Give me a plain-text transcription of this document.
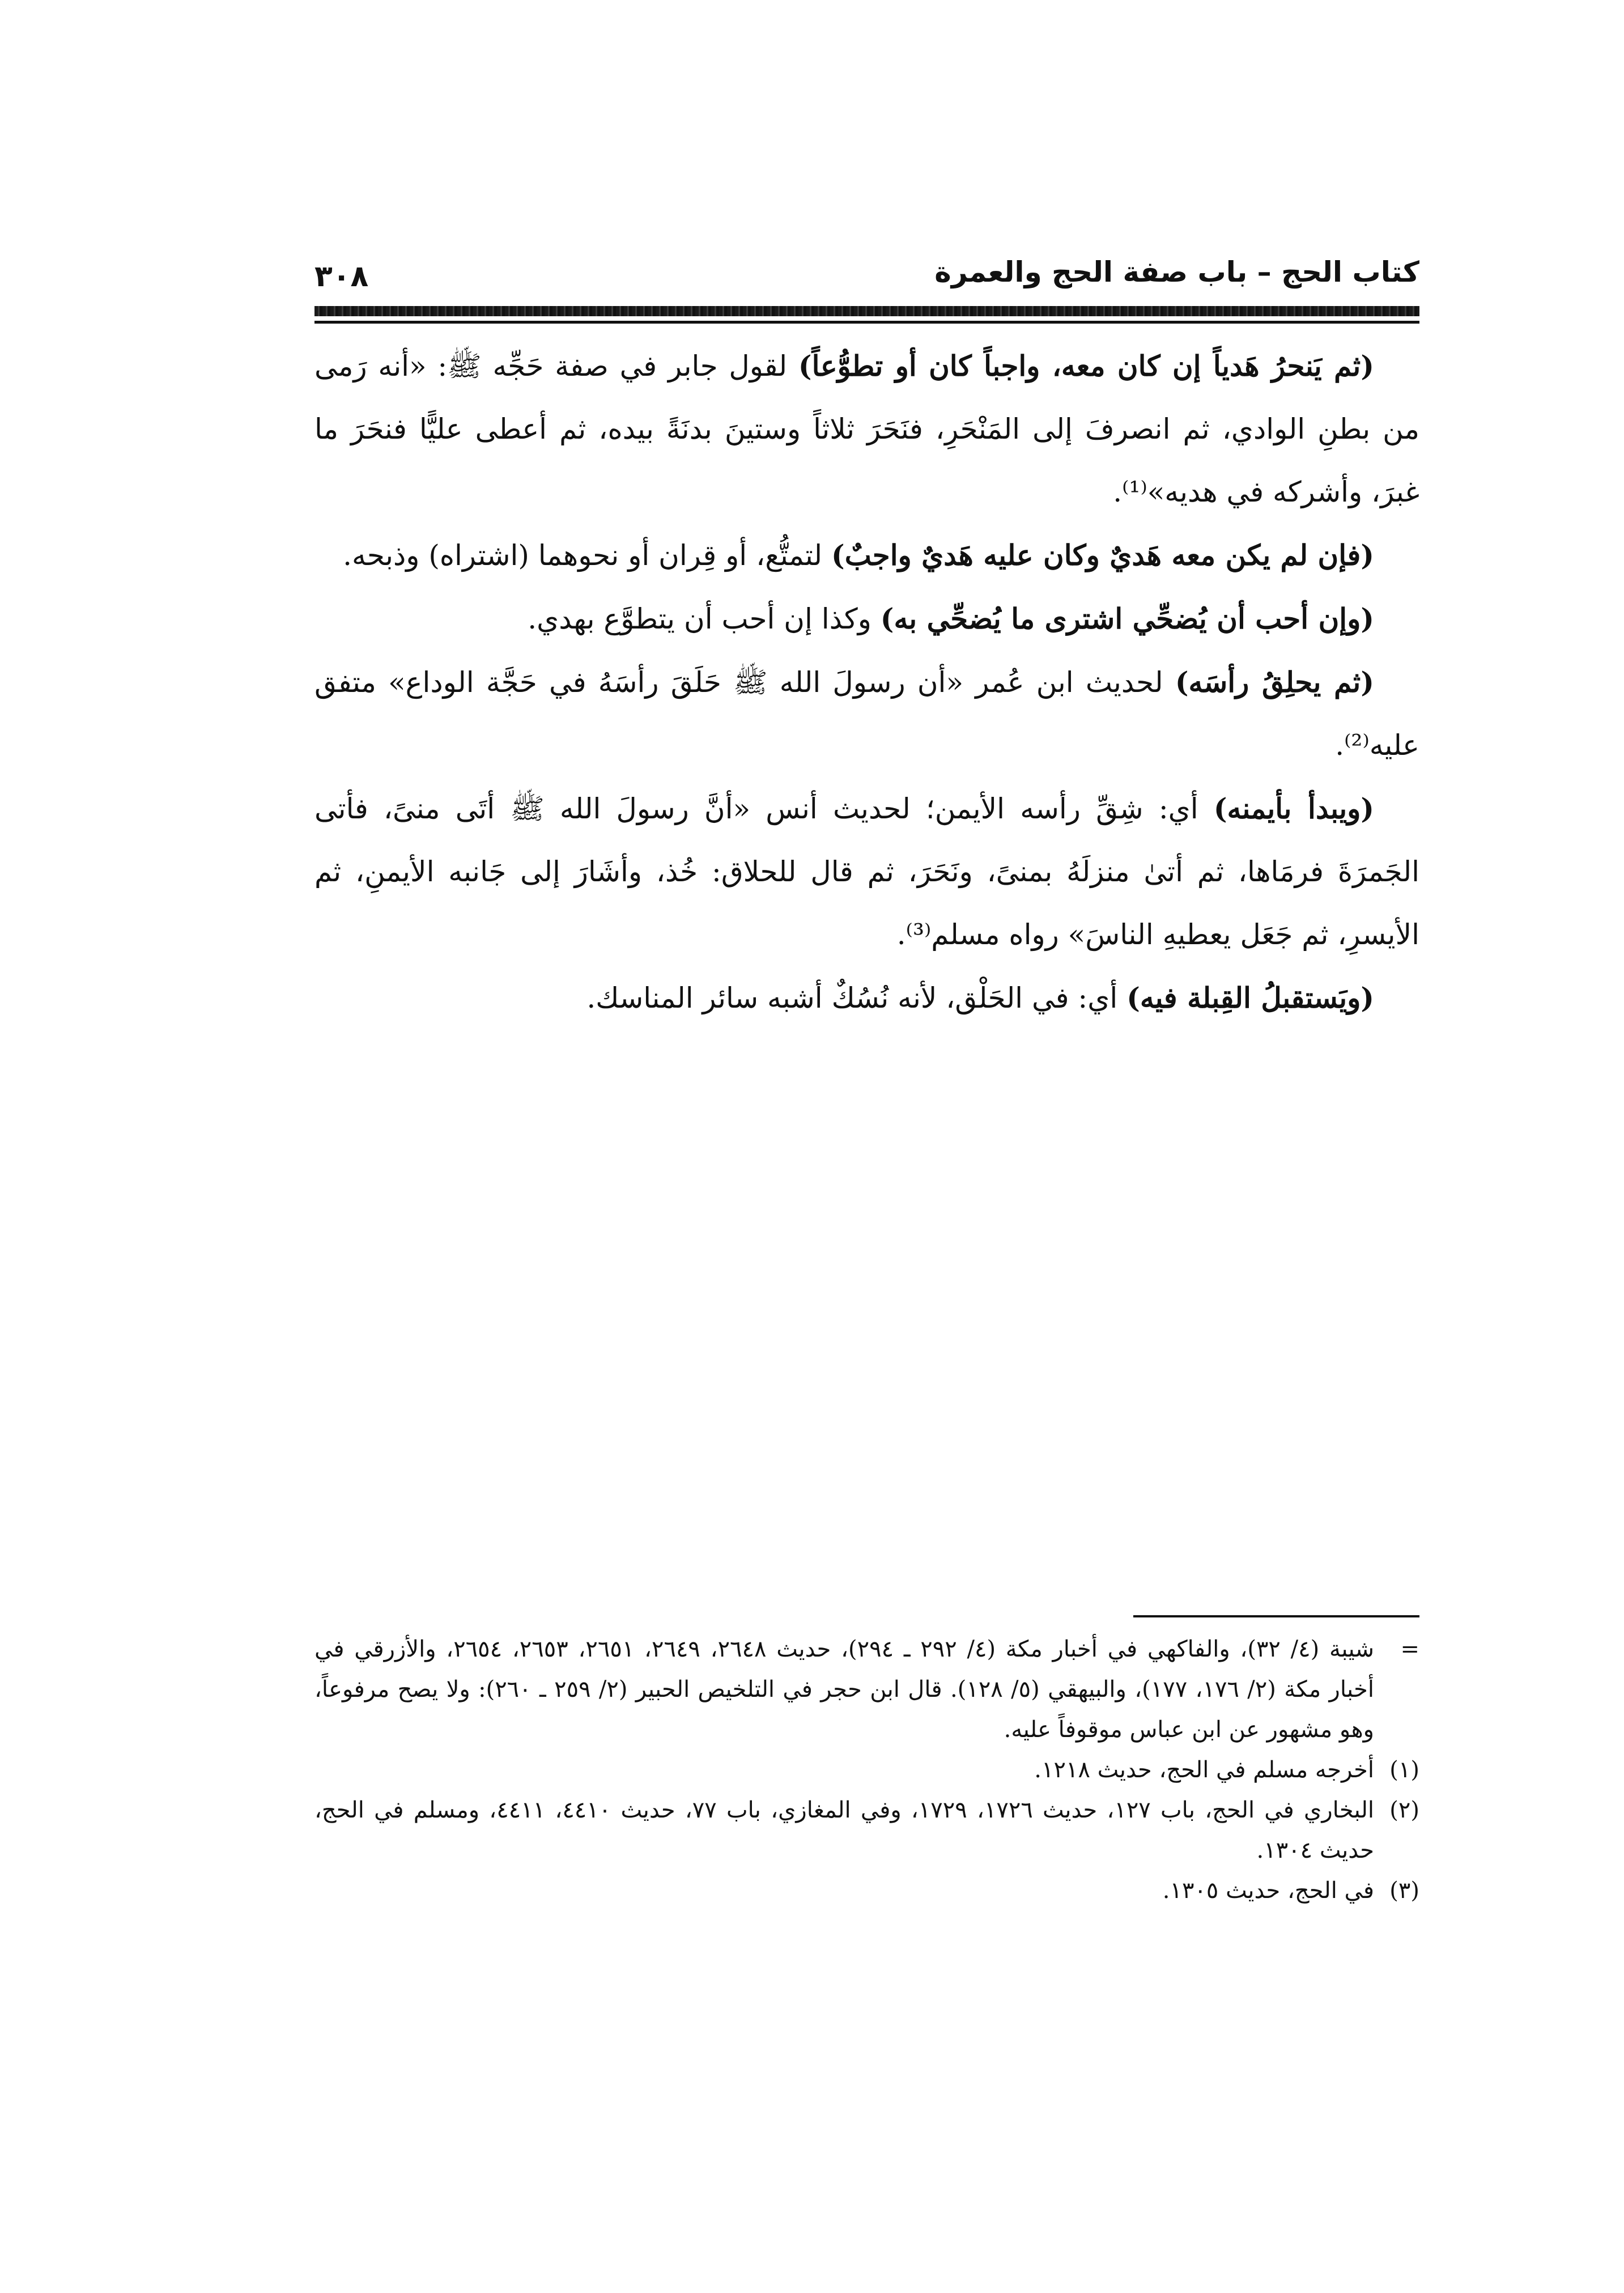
كتاب الحج – باب صفة الحج والعمرة
٣٠٨

(ثم يَنحرُ هَدياً إن كان معه، واجباً كان أو تطوُّعاً) لقول جابر في صفة حَجِّه ﷺ: «أنه رَمى من بطنِ الوادي، ثم انصرفَ إلى المَنْحَرِ، فنَحَرَ ثلاثاً وستينَ بدنَةً بيده، ثم أعطى عليًّا فنحَرَ ما غبرَ، وأشركه في هديه»⁽¹⁾.

(فإن لم يكن معه هَديٌ وكان عليه هَديٌ واجبٌ) لتمتُّع، أو قِران أو نحوهما (اشتراه) وذبحه.

(وإن أحب أن يُضحِّي اشترى ما يُضحِّي به) وكذا إن أحب أن يتطوَّع بهدي.

(ثم يحلِقُ رأسَه) لحديث ابن عُمر «أن رسولَ الله ﷺ حَلَقَ رأسَهُ في حَجَّة الوداع» متفق عليه⁽²⁾.

(ويبدأ بأيمنه) أي: شِقِّ رأسه الأيمن؛ لحديث أنس «أنَّ رسولَ الله ﷺ أتَى منىً، فأتى الجَمرَةَ فرمَاها، ثم أتىٰ منزلَهُ بمنىً، ونَحَرَ، ثم قال للحلاق: خُذ، وأشَارَ إلى جَانبه الأيمنِ، ثم الأيسرِ، ثم جَعَل يعطيهِ الناسَ» رواه مسلم⁽³⁾.

(ويَستقبلُ القِبلة فيه) أي: في الحَلْق، لأنه نُسُكٌ أشبه سائر المناسك.

=
شيبة (٤/ ٣٢)، والفاكهي في أخبار مكة (٤/ ٢٩٢ ـ ٢٩٤)، حديث ٢٦٤٨، ٢٦٤٩، ٢٦٥١، ٢٦٥٣، ٢٦٥٤، والأزرقي في أخبار مكة (٢/ ١٧٦، ١٧٧)، والبيهقي (٥/ ١٢٨). قال ابن حجر في التلخيص الحبير (٢/ ٢٥٩ ـ ٢٦٠): ولا يصح مرفوعاً، وهو مشهور عن ابن عباس موقوفاً عليه.
(١)
أخرجه مسلم في الحج، حديث ١٢١٨.
(٢)
البخاري في الحج، باب ١٢٧، حديث ١٧٢٦، ١٧٢٩، وفي المغازي، باب ٧٧، حديث ٤٤١٠، ٤٤١١، ومسلم في الحج، حديث ١٣٠٤.
(٣)
في الحج، حديث ١٣٠٥.
